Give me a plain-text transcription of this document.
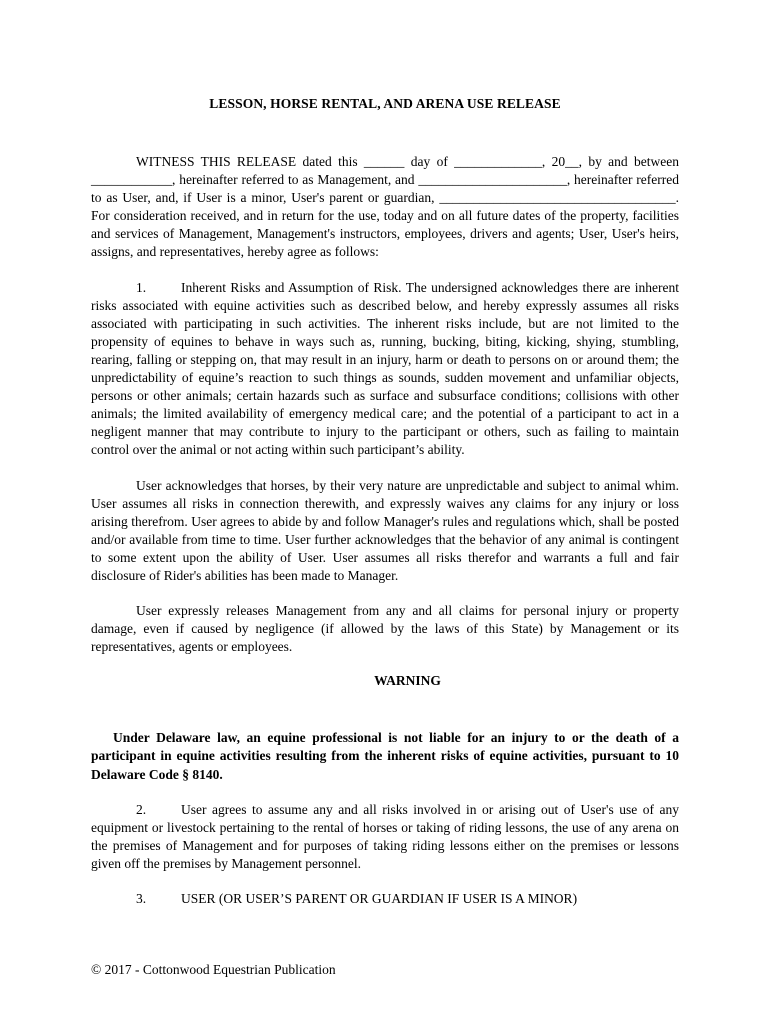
LESSON, HORSE RENTAL, AND ARENA USE RELEASE

WITNESS THIS RELEASE dated this ______ day of _____________, 20__, by and between ____________, hereinafter referred to as Management, and ______________________, hereinafter referred to as User, and, if User is a minor, User's parent or guardian, ___________________________________. For consideration received, and in return for the use, today and on all future dates of the property, facilities and services of Management, Management's instructors, employees, drivers and agents; User, User's heirs, assigns, and representatives, hereby agree as follows:

1.	Inherent Risks and Assumption of Risk. The undersigned acknowledges there are inherent risks associated with equine activities such as described below, and hereby expressly assumes all risks associated with participating in such activities. The inherent risks include, but are not limited to the propensity of equines to behave in ways such as, running, bucking, biting, kicking, shying, stumbling, rearing, falling or stepping on, that may result in an injury, harm or death to persons on or around them; the unpredictability of equine’s reaction to such things as sounds, sudden movement and unfamiliar objects, persons or other animals; certain hazards such as surface and subsurface conditions; collisions with other animals; the limited availability of emergency medical care; and the potential of a participant to act in a negligent manner that may contribute to injury to the participant or others, such as failing to maintain control over the animal or not acting within such participant’s ability.

User acknowledges that horses, by their very nature are unpredictable and subject to animal whim. User assumes all risks in connection therewith, and expressly waives any claims for any injury or loss arising therefrom. User agrees to abide by and follow Manager's rules and regulations which, shall be posted and/or available from time to time. User further acknowledges that the behavior of any animal is contingent to some extent upon the ability of User. User assumes all risks therefor and warrants a full and fair disclosure of Rider's abilities has been made to Manager.

User expressly releases Management from any and all claims for personal injury or property damage, even if caused by negligence (if allowed by the laws of this State) by Management or its representatives, agents or employees.

WARNING

Under Delaware law, an equine professional is not liable for an injury to or the death of a participant in equine activities resulting from the inherent risks of equine activities, pursuant to 10 Delaware Code § 8140.

2.	User agrees to assume any and all risks involved in or arising out of User's use of any equipment or livestock pertaining to the rental of horses or taking of riding lessons, the use of any arena on the premises of Management and for purposes of taking riding lessons either on the premises or lessons given off the premises by Management personnel.

3.	USER (OR USER’S PARENT OR GUARDIAN IF USER IS A MINOR)

© 2017 - Cottonwood Equestrian Publication
